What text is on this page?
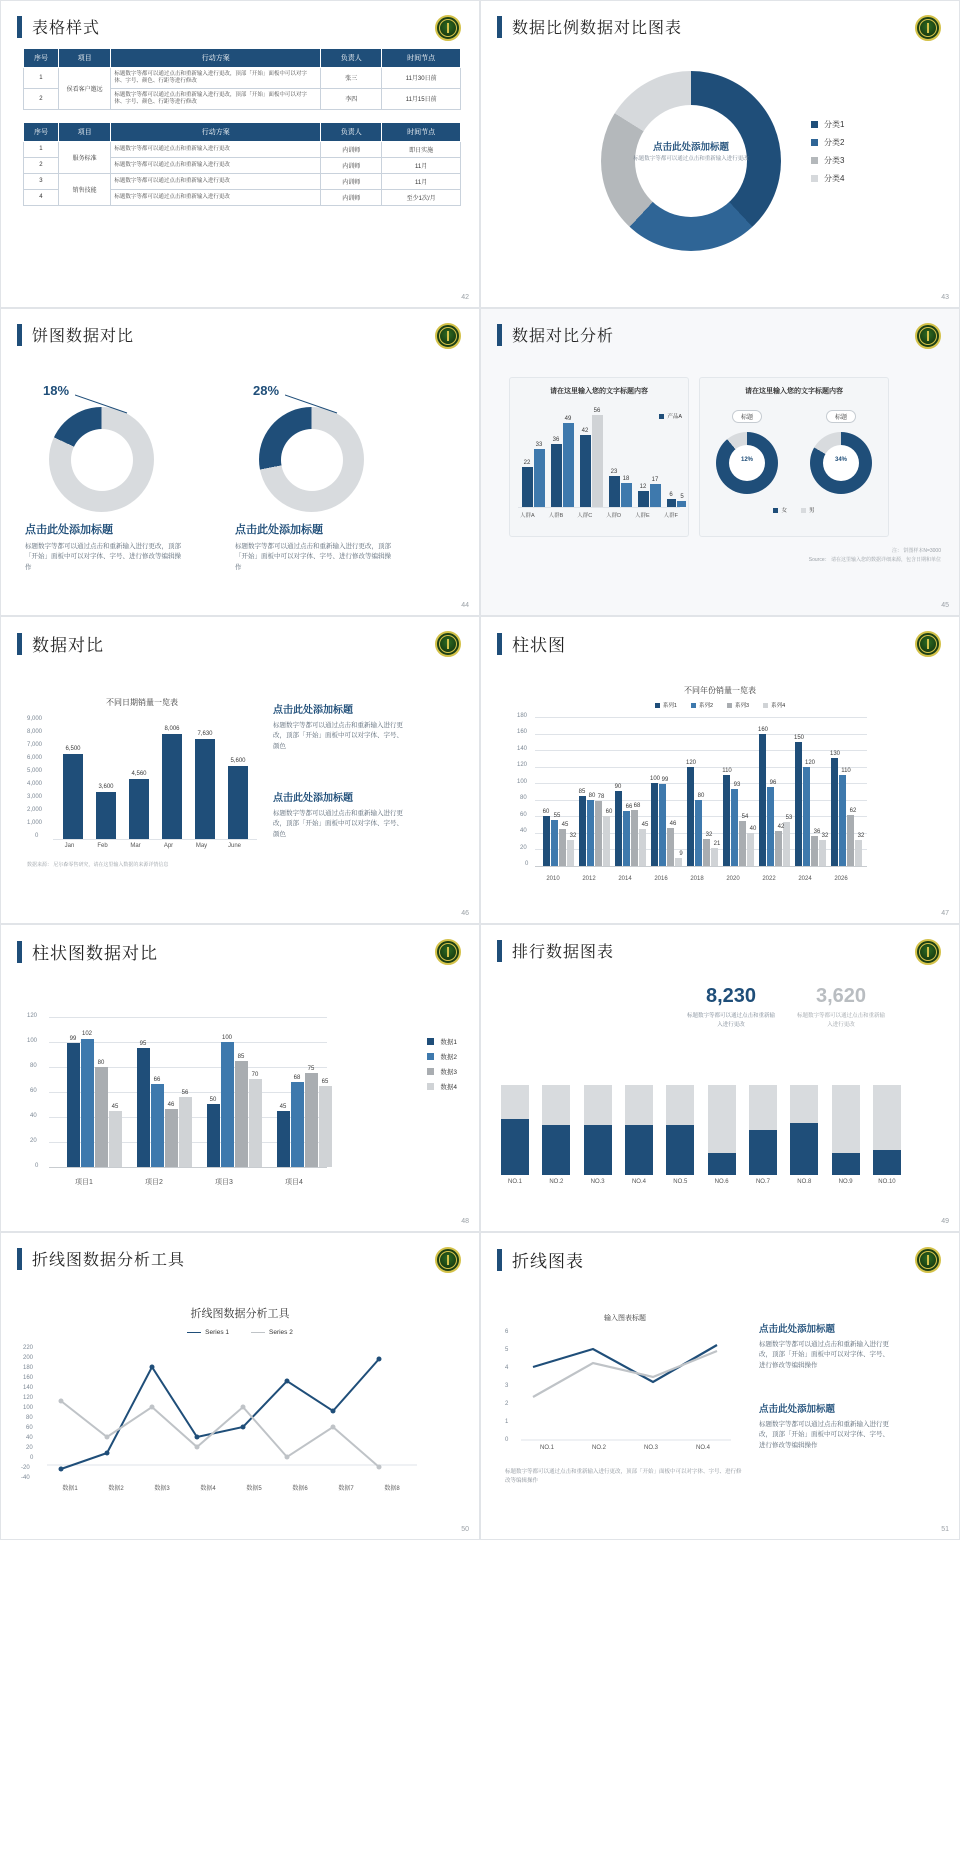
表格样式
序号	项目	行动方案	负责人	时间节点
1	侯看客户邀远	标题数字等都可以通过点击和重新输入进行更改，顶部「开始」面板中可以对字体、字号、颜色、行距等进行修改	张三	11月30日前
2		标题数字等都可以通过点击和重新输入进行更改，顶部「开始」面板中可以对字体、字号、颜色、行距等进行修改	李四	11月15日前
序号	项目	行动方案	负责人	时间节点
1	服务标准	标题数字等都可以通过点击和重新输入进行更改	内训师	即日实施
2		标题数字等都可以通过点击和重新输入进行更改	内训师	11月
3	销售技能	标题数字等都可以通过点击和重新输入进行更改	内训师	11月
4		标题数字等都可以通过点击和重新输入进行更改	内训师	至少1次/月
42
数据比例数据对比图表
点击此处添加标题
标题数字等都可以通过点击和重新输入进行更改
分类1
分类2
分类3
分类4
43
饼图数据对比
18%
点击此处添加标题
标题数字等都可以通过点击和重新输入进行更改，顶部「开始」面板中可以对字体、字号、进行修改等编辑操作
28%
点击此处添加标题
标题数字等都可以通过点击和重新输入进行更改，顶部「开始」面板中可以对字体、字号、进行修改等编辑操作
44
数据对比分析
请在这里输入您的文字标题内容
22
33
36
49
42
56
23
18
12
17
6	5
产品A
人群A	人群B	人群C	人群D	人群E	人群F
请在这里输入您的文字标题内容
标题
12%
标题
34%
女	男
注： 饼图样本N=3000
Source： 请在这里输入您的数据详细来源，包含日期和单位
45
数据对比
不同日期销量一览表
9,000
8,000
7,000
6,000
5,000
4,000
3,000
2,000
1,000
0
6,500
3,600
4,560
8,006
7,630
5,600
Jan	Feb	Mar	Apr	May	June
数据来源： 尼尔森零售研究，请在这里输入数据的来源详情信息
点击此处添加标题
标题数字等都可以通过点击和重新输入进行更改，顶部「开始」面板中可以对字体、字号、颜色
点击此处添加标题
标题数字等都可以通过点击和重新输入进行更改，顶部「开始」面板中可以对字体、字号、颜色
46
柱状图
不同年份销量一览表
系列1	系列2	系列3	系列4
180
160
140
120
100
80
60
40
20
0
60
55
45
32
85
80 78
60
90
66 68
45
100 99
46
9
120
80
32
21
110
93
54
40
160
96
42
53
150
120
36
32
130
110
62
32
2010	2012	2014	2016	2018	2020	2022	2024	2026
47
柱状图数据对比
120
100
80
60
40
20
0
99
102
80
45
95
66
46
56
50
100
85
70
45
68
75
65
项目1	项目2	项目3	项目4
数据1
数据2
数据3
数据4
48
排行数据图表
8,230
标题数字等都可以通过点击和重新输入进行更改
3,620
标题数字等都可以通过点击和重新输入进行更改
NO.1	NO.2	NO.3	NO.4	NO.5	NO.6	NO.7	NO.8	NO.9	NO.10
49
折线图数据分析工具
折线图数据分析工具
Series 1	Series 2
220
200
180
160
140
120
100
80
60
40
20
0
-20
-40
数据1	数据2	数据3	数据4	数据5	数据6	数据7	数据8
50
折线图表
输入图表标题
6
5
4
3
2
1
0
NO.1	NO.2	NO.3	NO.4
标题数字等都可以通过点击和重新输入进行更改，顶部「开始」面板中可以对字体、字号、进行修改等编辑操作
点击此处添加标题
标题数字等都可以通过点击和重新输入进行更改，顶部「开始」面板中可以对字体、字号、进行修改等编辑操作
点击此处添加标题
标题数字等都可以通过点击和重新输入进行更改，顶部「开始」面板中可以对字体、字号、进行修改等编辑操作
51
